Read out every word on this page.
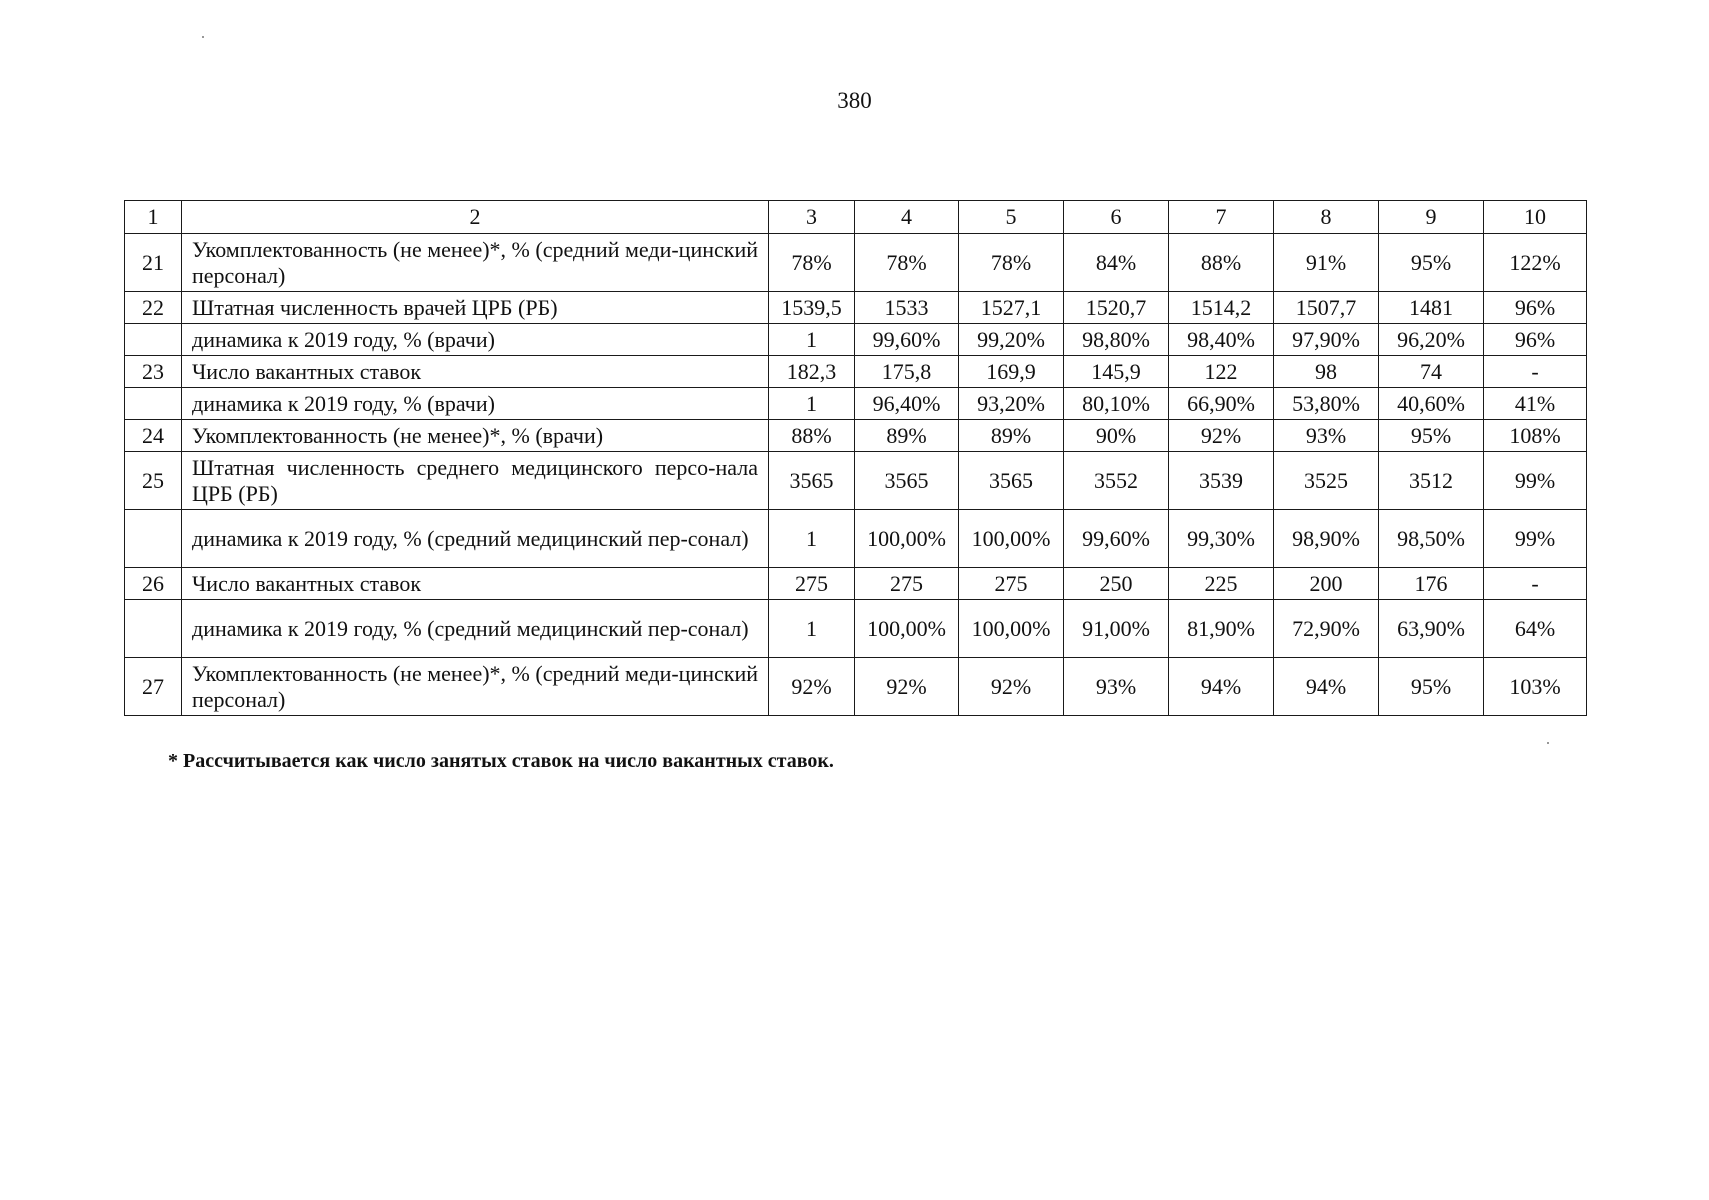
380
1	2	3	4	5	6	7	8	9	10
21	Укомплектованность (не менее)*, % (средний меди-цинский персонал)	78%	78%	78%	84%	88%	91%	95%	122%
22	Штатная численность врачей ЦРБ (РБ)	1539,5	1533	1527,1	1520,7	1514,2	1507,7	1481	96%
	динамика к 2019 году, % (врачи)	1	99,60%	99,20%	98,80%	98,40%	97,90%	96,20%	96%
23	Число вакантных ставок	182,3	175,8	169,9	145,9	122	98	74	-
	динамика к 2019 году, % (врачи)	1	96,40%	93,20%	80,10%	66,90%	53,80%	40,60%	41%
24	Укомплектованность (не менее)*, % (врачи)	88%	89%	89%	90%	92%	93%	95%	108%
25	Штатная численность среднего медицинского персо-нала ЦРБ (РБ)	3565	3565	3565	3552	3539	3525	3512	99%
	динамика к 2019 году, % (средний медицинский пер-сонал)	1	100,00%	100,00%	99,60%	99,30%	98,90%	98,50%	99%
26	Число вакантных ставок	275	275	275	250	225	200	176	-
	динамика к 2019 году, % (средний медицинский пер-сонал)	1	100,00%	100,00%	91,00%	81,90%	72,90%	63,90%	64%
27	Укомплектованность (не менее)*, % (средний меди-цинский персонал)	92%	92%	92%	93%	94%	94%	95%	103%
* Рассчитывается как число занятых ставок на число вакантных ставок.
